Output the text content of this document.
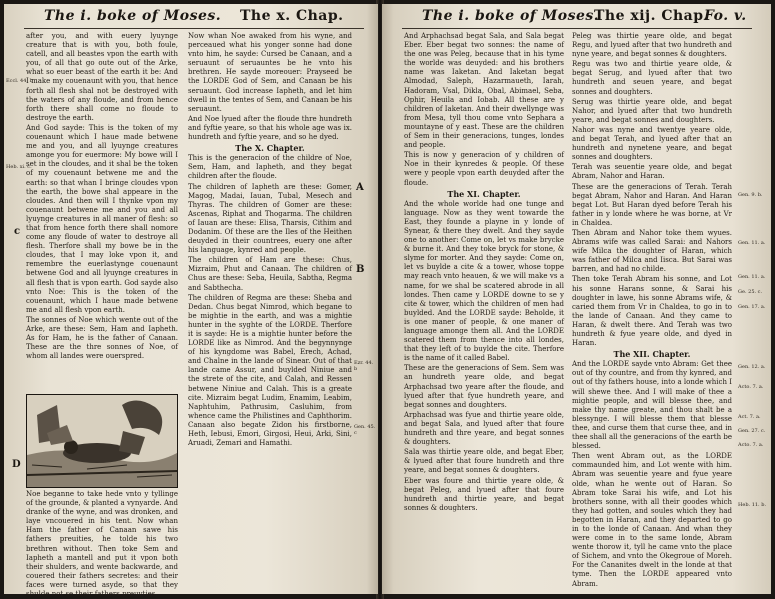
The i. boke of Moses. The x. Chap.

after you, and with euery lyuynge creature that is with you, both foule, catell, and all beastes vpon the earth with you, of all that go oute out of the Arke, what so euer beast of the earth it be: And I make my couenaunt with you, that hence forth all flesh shal not be destroyed with the waters of any floude, and from hence forth there shall come no floude to destroye the earth.

And God sayde: This is the token of my couenaunt which I haue made betwene me and you, and all lyuynge creatures amonge you for euermore: My bowe will I set in the cloudes, and it shal be the token of my couenaunt betwene me and the earth: so that whan I bringe cloudes vpon the earth, the bowe shal appeare in the cloudes. And then will I thynke vpon my couenaunt betwene me and you and all lyuynge creatures in all maner of flesh: so that from hence forth there shall nomore come any floude of water to destroye all flesh. Therfore shall my bowe be in the cloudes, that I may loke vpon it, and remembre the euerlastynge couenaunt betwene God and all lyuynge creatures in all flesh that is vpon earth. God sayde also vnto Noe: This is the token of the couenaunt, which I haue made betwene me and all flesh vpon earth.

The sonnes of Noe which wente out of the Arke, are these: Sem, Ham and Iapheth. As for Ham, he is the father of Canaan. These are the thre sonnes of Noe, of whom all landes were ouerspred.

Noe beganne to take hede vnto y tyllinge of the grounde, & planted a vynyarde. And dranke of the wyne, and was dronken, and laye vncouered in his tent. Now whan Ham the father of Canaan sawe his fathers preuities, he tolde his two brethren without. Then toke Sem and Iapheth a mantell and put it vpon both their shulders, and wente backwarde, and couered their fathers secretes: and their faces were turned asyde, so that they shulde not se their fathers preuyties.

Now whan Noe awaked from his wyne, and perceaued what his yonger sonne had done vnto him, he sayde: Cursed be Canaan, and a seruaunt of seruauntes be he vnto his brethren. He sayde moreouer: Prayseed be the LORDE God of Sem, and Canaan be his seruaunt. God increase Iapheth, and let him dwell in the tentes of Sem, and Canaan be his seruaunt.

And Noe lyued after the floude thre hundreth and fyftie yeare, so that his whole age was ix. hundreth and fyftie yeare, and so he dyed.

The X. Chapter.

This is the generacion of the childre of Noe, Sem, Ham, and Iapheth, and they begat children after the floude.

The children of Iapheth are these: Gomer, Magog, Madai, Iauan, Tubal, Mesech and Thyras. The children of Gomer are these: Ascenas, Riphat and Thogarma. The children of Iauan are these: Elisa, Tharsis, Cithim and Dodanim. Of these are the Iles of the Heithen deuyded in their countrees, euery one after his language, kynred and people.

The children of Ham are these: Chus, Mizraim, Phut and Canaan. The children of Chus are these: Seba, Heuila, Sabtha, Regma and Sabthecha.

The children of Regma are these: Sheba and Dedan. Chus begat Nimrod, which begane to be mightie in the earth, and was a mightie hunter in the syghte of the LORDE. Therfore it is sayde: He is a mightie hunter before the LORDE like as Nimrod. And the begynnynge of his kyngdome was Babel, Erech, Achad, and Chalne in the lande of Sinear. Out of that lande came Assur, and buylded Niniue and the strete of the cite, and Calah, and Ressen betwene Niniue and Calah. This is a greate cite. Mizraim begat Ludim, Enamim, Leabim, Naphtuhim, Pathrusim, Casluhim, from whence came the Philistines and Caphthorim. Canaan also begate Zidon his firstborne, Heth, Iebusi, Emori, Girgosi, Heui, Arki, Sini, Aruadi, Zemari and Hamathi.

Eccl. 44. b
Heb. xi. c.
Ezr. 44. b
Gen. 45. c
c
D
A
B
The i. boke of Moses.
The xij. Chap.
Fo. v.

And Arphachsad begat Sala, and Sala begat Eber. Eber begat two sonnes: the name of the one was Peleg, because that in his tyme the worlde was deuyded: and his brothers name was Iaketan. And Iaketan begat Almodad, Saleph, Hazarmaueth, Iarah, Hadoram, Vsal, Dikla, Obal, Abimael, Seba, Ophir, Heuila and Iobab. All these are y children of Iaketan. And their dwellynge was from Mesa, tyll thou come vnto Sephara a mountayne of y east. These are the children of Sem in their generacions, tunges, londes and people.

This is now y generacion of y children of Noe in their kynredes & people. Of these were y people vpon earth deuyded after the floude.

The XI. Chapter.

And the whole worlde had one tunge and language. Now as they went towarde the East, they founde a playne in y londe of Synear, & there they dwelt. And they sayde one to another: Come on, let vs make brycke & burne it. And they toke bryck for stone, & slyme for morter. And they sayde: Come on, let vs buylde a cite & a tower, whose toppe may reach vnto heauen, & we will make vs a name, for we shal be scatered abrode in all londes. Then came y LORDE downe to se y cite & tower, which the children of men had buylded. And the LORDE sayde: Beholde, it is one maner of people, & one maner of language amonge them all. And the LORDE scatered them from thence into all londes, that they left of to buylde the cite. Therfore is the name of it called Babel.

These are the generacions of Sem. Sem was an hundreth yeare olde, and begat Arphachsad two yeare after the floude, and lyued after that fyue hundreth yeare, and begat sonnes and doughters.

Arphachsad was fyue and thirtie yeare olde, and begat Sala, and lyued after that foure hundreth and thre yeare, and begat sonnes & doughters.

Sala was thirtie yeare olde, and begat Eber, & lyued after that foure hundreth and thre yeare, and begat sonnes & doughters.

Eber was foure and thirtie yeare olde, & begat Peleg, and lyued after that foure hundreth and thirtie yeare, and begat sonnes & doughters.

Peleg was thirtie yeare olde, and begat Regu, and lyued after that two hundreth and nyne yeare, and begat sonnes & doughters.

Regu was two and thirtie yeare olde, & begat Serug, and lyued after that two hundreth and seuen yeare, and begat sonnes and doughters.

Serug was thirtie yeare olde, and begat Nahor, and lyued after that two hundreth yeare, and begat sonnes and doughters.

Nahor was nyne and twentye yeare olde, and begat Terah, and lyued after that an hundreth and nynetene yeare, and begat sonnes and doughters.

Terah was seuentie yeare olde, and begat Abram, Nahor and Haran.

These are the generacions of Terah. Terah begat Abram, Nahor and Haran. And Haran begat Lot. But Haran dyed before Terah his father in y londe where he was borne, at Vr in Chaldea.

Then Abram and Nahor toke them wyues. Abrams wife was called Sarai: and Nahors wife Milca the doughter of Haran, which was father of Milca and Iisca. But Sarai was barren, and had no childe.

Then toke Terah Abram his sonne, and Lot his sonne Harans sonne, & Sarai his doughter in lawe, his sonne Abrams wife, & caried them from Vr in Chaldea, to go in to the lande of Canaan. And they came to Haran, & dwelt there. And Terah was two hundreth & fyue yeare olde, and dyed in Haran.

The XII. Chapter.

And the LORDE sayde vnto Abram: Get thee out of thy countre, and from thy kynred, and out of thy fathers house, into a londe which I will shewe thee. And I will make of thee a mightie people, and will blesse thee, and make thy name greate, and thou shalt be a blessynge. I will blesse them that blesse thee, and curse them that curse thee, and in thee shall all the generacions of the earth be blessed.

Then went Abram out, as the LORDE commaunded him, and Lot wente with him. Abram was seuentie yeare and fyue yeare olde, whan he wente out of Haran. So Abram toke Sarai his wife, and Lot his brothers sonne, with all their goodes which they had gotten, and soules which they had begotten in Haran, and they departed to go in to the londe of Canaan. And whan they were come in to the same londe, Abram wente thorow it, tyll he came vnto the place of Sichem, and vnto the Okegroue of Moreh. For the Cananites dwelt in the londe at that tyme. Then the LORDE appeared vnto Abram.

Gen. 9. b.
Gen. 11. a.
Gen. 11. a.
Ge. 25. c.
Gen. 17. a.
Gen. 12. a.
Acto. 7. a.
Act. 7. a.
Gen. 27. c.
Acto. 7. a.
Heb. 11. b.
